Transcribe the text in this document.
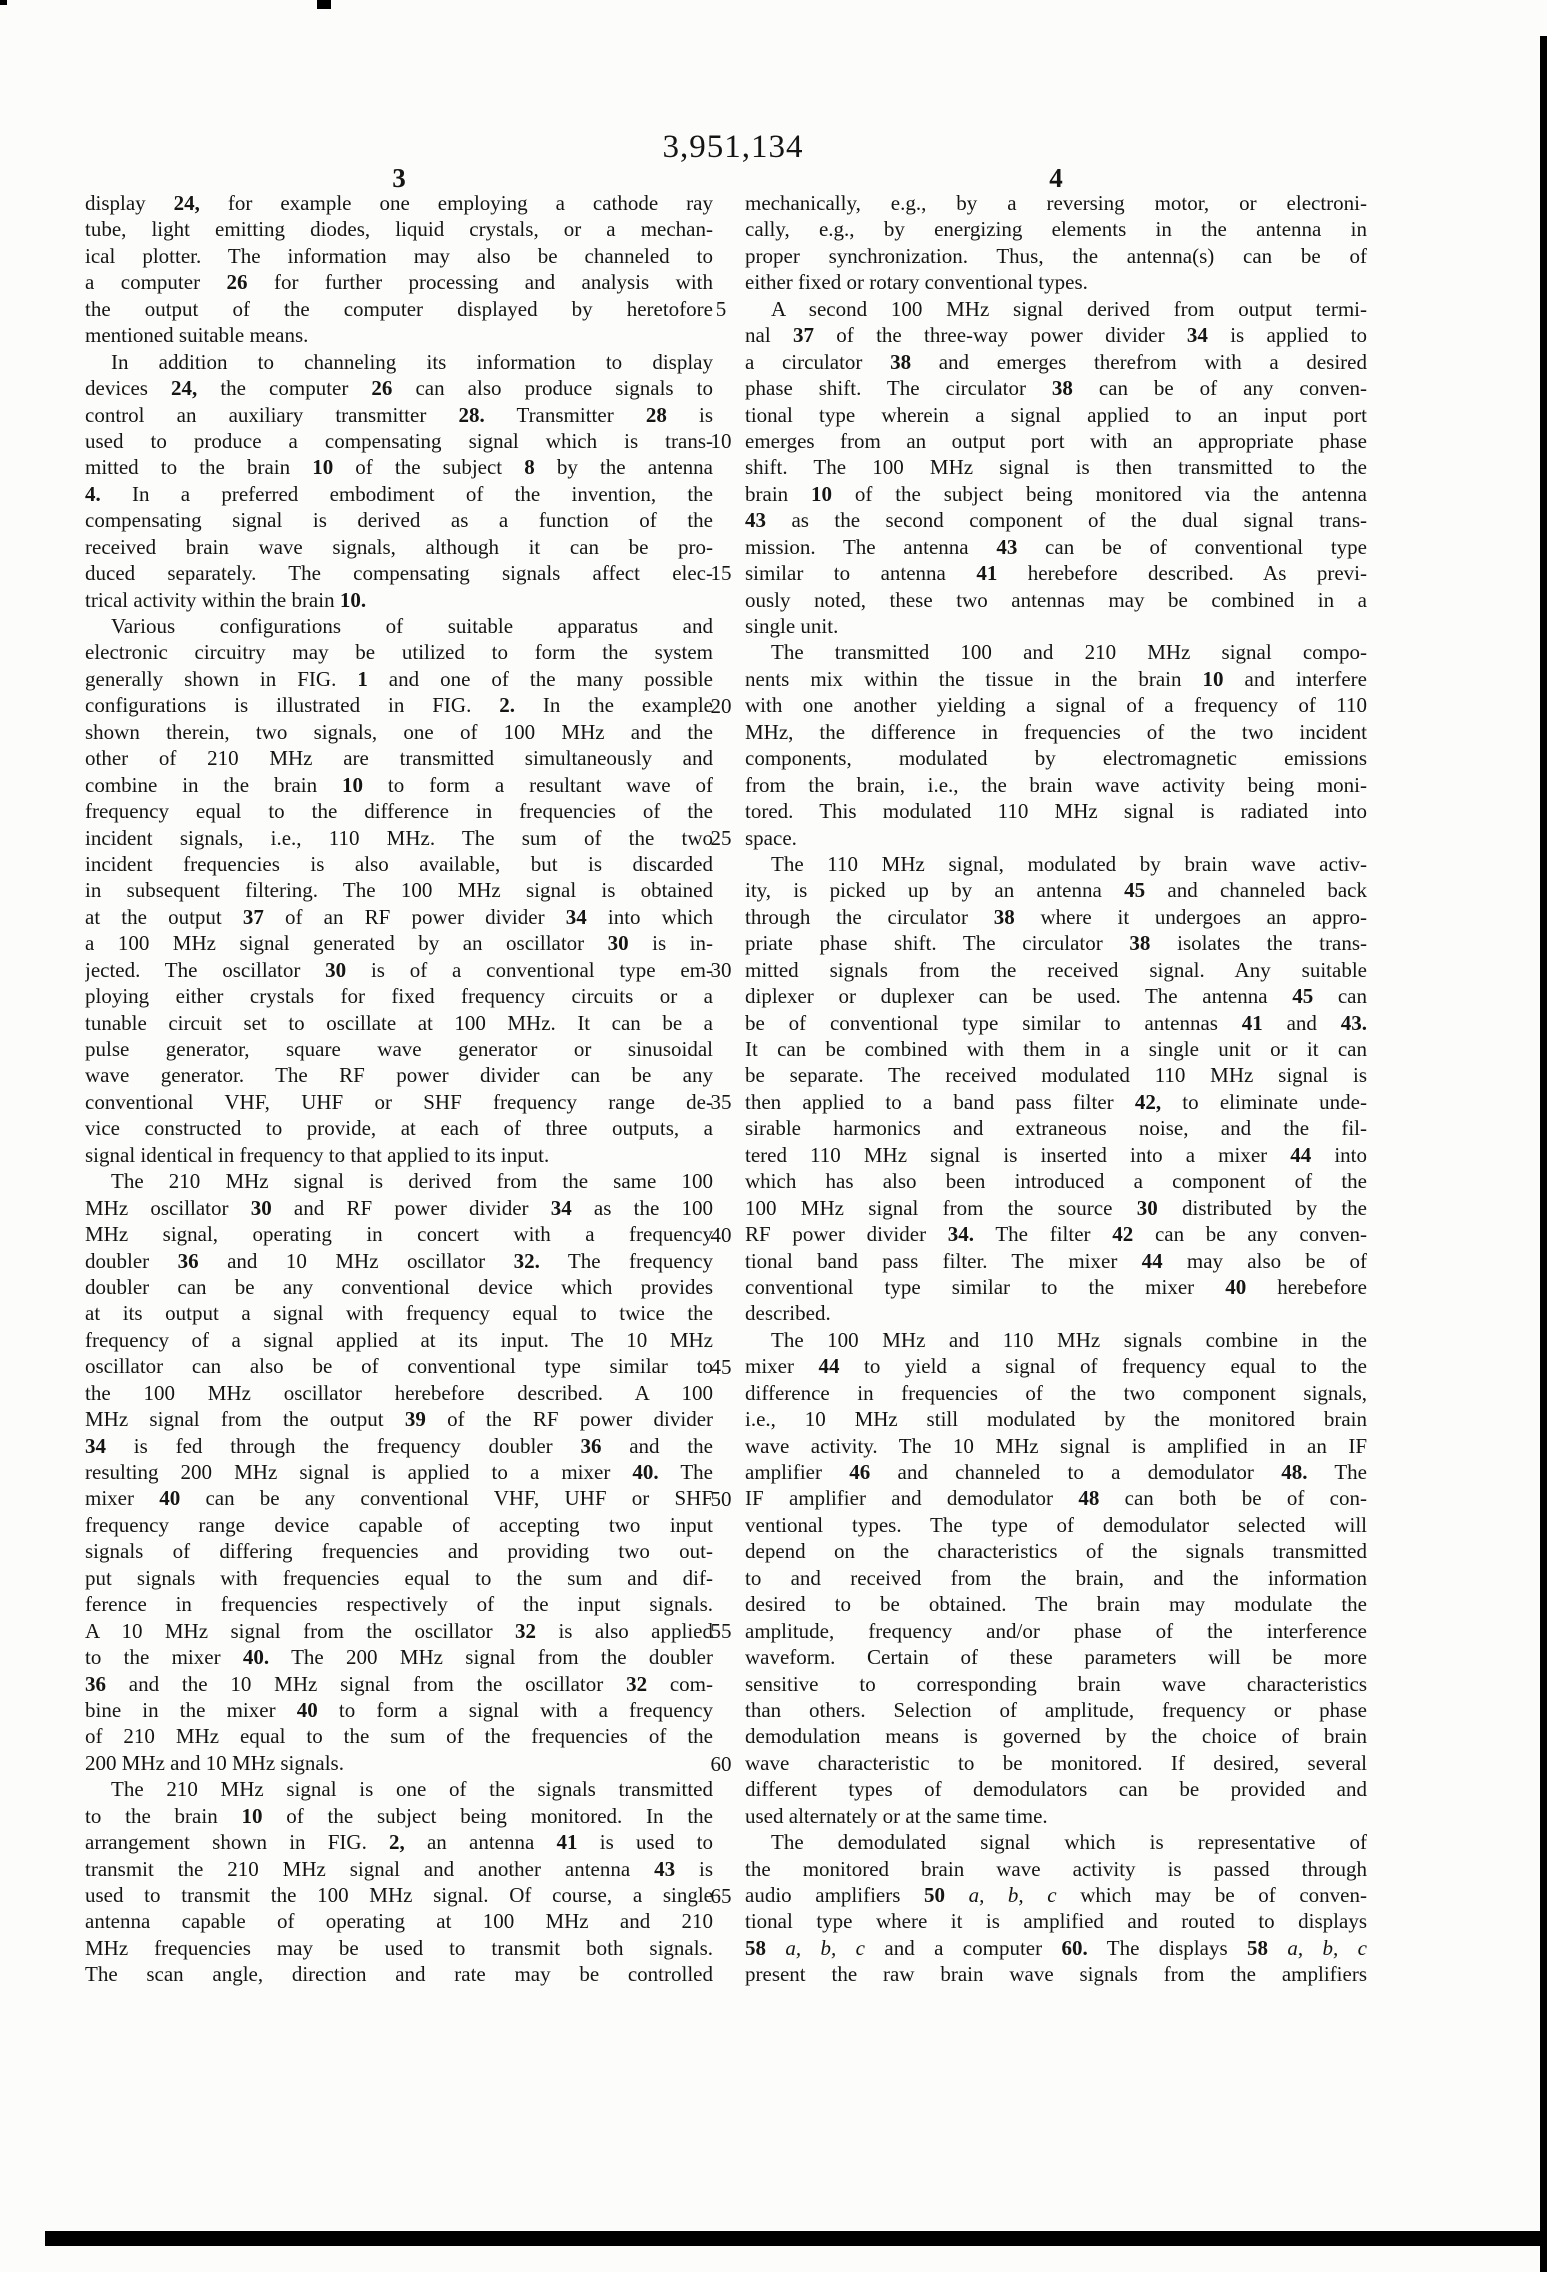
3,951,134
3	4
display 24, for example one employing a cathode ray
tube, light emitting diodes, liquid crystals, or a mechan-
ical plotter. The information may also be channeled to
a computer 26 for further processing and analysis with
the output of the computer displayed by heretofore
mentioned suitable means.
In addition to channeling its information to display
devices 24, the computer 26 can also produce signals to
control an auxiliary transmitter 28. Transmitter 28 is
used to produce a compensating signal which is trans-
mitted to the brain 10 of the subject 8 by the antenna
4. In a preferred embodiment of the invention, the
compensating signal is derived as a function of the
received brain wave signals, although it can be pro-
duced separately. The compensating signals affect elec-
trical activity within the brain 10.
Various configurations of suitable apparatus and
electronic circuitry may be utilized to form the system
generally shown in FIG. 1 and one of the many possible
configurations is illustrated in FIG. 2. In the example
shown therein, two signals, one of 100 MHz and the
other of 210 MHz are transmitted simultaneously and
combine in the brain 10 to form a resultant wave of
frequency equal to the difference in frequencies of the
incident signals, i.e., 110 MHz. The sum of the two
incident frequencies is also available, but is discarded
in subsequent filtering. The 100 MHz signal is obtained
at the output 37 of an RF power divider 34 into which
a 100 MHz signal generated by an oscillator 30 is in-
jected. The oscillator 30 is of a conventional type em-
ploying either crystals for fixed frequency circuits or a
tunable circuit set to oscillate at 100 MHz. It can be a
pulse generator, square wave generator or sinusoidal
wave generator. The RF power divider can be any
conventional VHF, UHF or SHF frequency range de-
vice constructed to provide, at each of three outputs, a
signal identical in frequency to that applied to its input.
The 210 MHz signal is derived from the same 100
MHz oscillator 30 and RF power divider 34 as the 100
MHz signal, operating in concert with a frequency
doubler 36 and 10 MHz oscillator 32. The frequency
doubler can be any conventional device which provides
at its output a signal with frequency equal to twice the
frequency of a signal applied at its input. The 10 MHz
oscillator can also be of conventional type similar to
the 100 MHz oscillator herebefore described. A 100
MHz signal from the output 39 of the RF power divider
34 is fed through the frequency doubler 36 and the
resulting 200 MHz signal is applied to a mixer 40. The
mixer 40 can be any conventional VHF, UHF or SHF
frequency range device capable of accepting two input
signals of differing frequencies and providing two out-
put signals with frequencies equal to the sum and dif-
ference in frequencies respectively of the input signals.
A 10 MHz signal from the oscillator 32 is also applied
to the mixer 40. The 200 MHz signal from the doubler
36 and the 10 MHz signal from the oscillator 32 com-
bine in the mixer 40 to form a signal with a frequency
of 210 MHz equal to the sum of the frequencies of the
200 MHz and 10 MHz signals.
The 210 MHz signal is one of the signals transmitted
to the brain 10 of the subject being monitored. In the
arrangement shown in FIG. 2, an antenna 41 is used to
transmit the 210 MHz signal and another antenna 43 is
used to transmit the 100 MHz signal. Of course, a single
antenna capable of operating at 100 MHz and 210
MHz frequencies may be used to transmit both signals.
The scan angle, direction and rate may be controlled
5
10
15
20
25
30
35
40
45
50
55
60
65
mechanically, e.g., by a reversing motor, or electroni-
cally, e.g., by energizing elements in the antenna in
proper synchronization. Thus, the antenna(s) can be of
either fixed or rotary conventional types.
A second 100 MHz signal derived from output termi-
nal 37 of the three-way power divider 34 is applied to
a circulator 38 and emerges therefrom with a desired
phase shift. The circulator 38 can be of any conven-
tional type wherein a signal applied to an input port
emerges from an output port with an appropriate phase
shift. The 100 MHz signal is then transmitted to the
brain 10 of the subject being monitored via the antenna
43 as the second component of the dual signal trans-
mission. The antenna 43 can be of conventional type
similar to antenna 41 herebefore described. As previ-
ously noted, these two antennas may be combined in a
single unit.
The transmitted 100 and 210 MHz signal compo-
nents mix within the tissue in the brain 10 and interfere
with one another yielding a signal of a frequency of 110
MHz, the difference in frequencies of the two incident
components, modulated by electromagnetic emissions
from the brain, i.e., the brain wave activity being moni-
tored. This modulated 110 MHz signal is radiated into
space.
The 110 MHz signal, modulated by brain wave activ-
ity, is picked up by an antenna 45 and channeled back
through the circulator 38 where it undergoes an appro-
priate phase shift. The circulator 38 isolates the trans-
mitted signals from the received signal. Any suitable
diplexer or duplexer can be used. The antenna 45 can
be of conventional type similar to antennas 41 and 43.
It can be combined with them in a single unit or it can
be separate. The received modulated 110 MHz signal is
then applied to a band pass filter 42, to eliminate unde-
sirable harmonics and extraneous noise, and the fil-
tered 110 MHz signal is inserted into a mixer 44 into
which has also been introduced a component of the
100 MHz signal from the source 30 distributed by the
RF power divider 34. The filter 42 can be any conven-
tional band pass filter. The mixer 44 may also be of
conventional type similar to the mixer 40 herebefore
described.
The 100 MHz and 110 MHz signals combine in the
mixer 44 to yield a signal of frequency equal to the
difference in frequencies of the two component signals,
i.e., 10 MHz still modulated by the monitored brain
wave activity. The 10 MHz signal is amplified in an IF
amplifier 46 and channeled to a demodulator 48. The
IF amplifier and demodulator 48 can both be of con-
ventional types. The type of demodulator selected will
depend on the characteristics of the signals transmitted
to and received from the brain, and the information
desired to be obtained. The brain may modulate the
amplitude, frequency and/or phase of the interference
waveform. Certain of these parameters will be more
sensitive to corresponding brain wave characteristics
than others. Selection of amplitude, frequency or phase
demodulation means is governed by the choice of brain
wave characteristic to be monitored. If desired, several
different types of demodulators can be provided and
used alternately or at the same time.
The demodulated signal which is representative of
the monitored brain wave activity is passed through
audio amplifiers 50 a, b, c which may be of conven-
tional type where it is amplified and routed to displays
58 a, b, c and a computer 60. The displays 58 a, b, c
present the raw brain wave signals from the amplifiers
